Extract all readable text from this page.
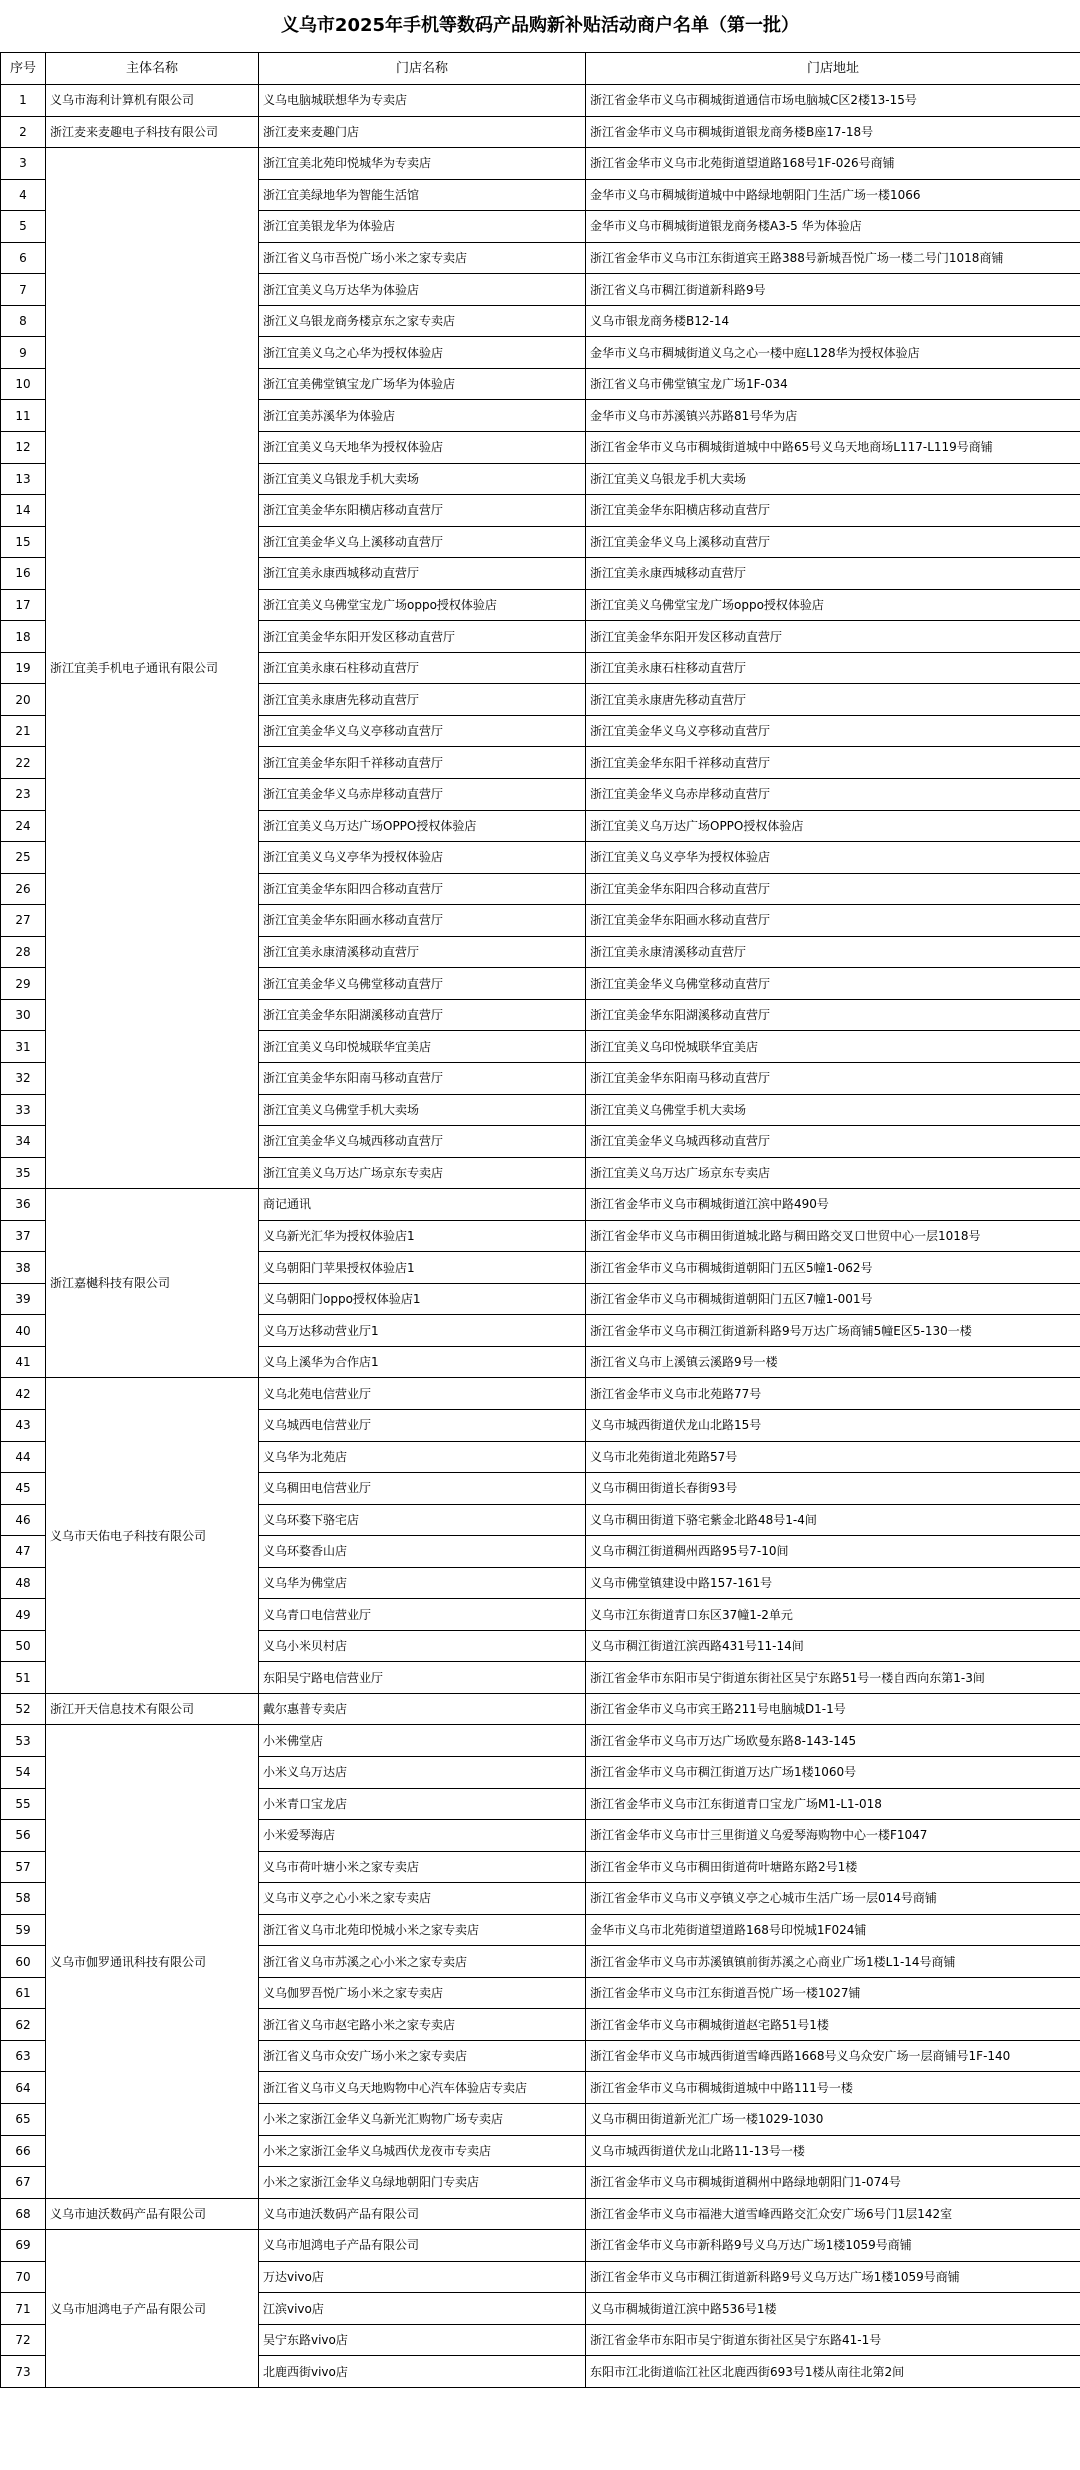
义乌市2025年手机等数码产品购新补贴活动商户名单（第一批）
序号	主体名称	门店名称	门店地址
1	义乌市海利计算机有限公司	义乌电脑城联想华为专卖店	浙江省金华市义乌市稠城街道通信市场电脑城C区2楼13-15号
2	浙江麦来麦趣电子科技有限公司	浙江麦来麦趣门店	浙江省金华市义乌市稠城街道银龙商务楼B座17-18号
3	浙江宜美手机电子通讯有限公司	浙江宜美北苑印悦城华为专卖店	浙江省金华市义乌市北苑街道望道路168号1F-026号商铺
4		浙江宜美绿地华为智能生活馆	金华市义乌市稠城街道城中中路绿地朝阳门生活广场一楼1066
5		浙江宜美银龙华为体验店	金华市义乌市稠城街道银龙商务楼A3-5 华为体验店
6		浙江省义乌市吾悦广场小米之家专卖店	浙江省金华市义乌市江东街道宾王路388号新城吾悦广场一楼二号门1018商铺
7		浙江宜美义乌万达华为体验店	浙江省义乌市稠江街道新科路9号
8		浙江义乌银龙商务楼京东之家专卖店	义乌市银龙商务楼B12-14
9		浙江宜美义乌之心华为授权体验店	金华市义乌市稠城街道义乌之心一楼中庭L128华为授权体验店
10		浙江宜美佛堂镇宝龙广场华为体验店	浙江省义乌市佛堂镇宝龙广场1F-034
11		浙江宜美苏溪华为体验店	金华市义乌市苏溪镇兴苏路81号华为店
12		浙江宜美义乌天地华为授权体验店	浙江省金华市义乌市稠城街道城中中路65号义乌天地商场L117-L119号商铺
13		浙江宜美义乌银龙手机大卖场	浙江宜美义乌银龙手机大卖场
14		浙江宜美金华东阳横店移动直营厅	浙江宜美金华东阳横店移动直营厅
15		浙江宜美金华义乌上溪移动直营厅	浙江宜美金华义乌上溪移动直营厅
16		浙江宜美永康西城移动直营厅	浙江宜美永康西城移动直营厅
17		浙江宜美义乌佛堂宝龙广场oppo授权体验店	浙江宜美义乌佛堂宝龙广场oppo授权体验店
18		浙江宜美金华东阳开发区移动直营厅	浙江宜美金华东阳开发区移动直营厅
19		浙江宜美永康石柱移动直营厅	浙江宜美永康石柱移动直营厅
20		浙江宜美永康唐先移动直营厅	浙江宜美永康唐先移动直营厅
21		浙江宜美金华义乌义亭移动直营厅	浙江宜美金华义乌义亭移动直营厅
22		浙江宜美金华东阳千祥移动直营厅	浙江宜美金华东阳千祥移动直营厅
23		浙江宜美金华义乌赤岸移动直营厅	浙江宜美金华义乌赤岸移动直营厅
24		浙江宜美义乌万达广场OPPO授权体验店	浙江宜美义乌万达广场OPPO授权体验店
25		浙江宜美义乌义亭华为授权体验店	浙江宜美义乌义亭华为授权体验店
26		浙江宜美金华东阳四合移动直营厅	浙江宜美金华东阳四合移动直营厅
27		浙江宜美金华东阳画水移动直营厅	浙江宜美金华东阳画水移动直营厅
28		浙江宜美永康清溪移动直营厅	浙江宜美永康清溪移动直营厅
29		浙江宜美金华义乌佛堂移动直营厅	浙江宜美金华义乌佛堂移动直营厅
30		浙江宜美金华东阳湖溪移动直营厅	浙江宜美金华东阳湖溪移动直营厅
31		浙江宜美义乌印悦城联华宜美店	浙江宜美义乌印悦城联华宜美店
32		浙江宜美金华东阳南马移动直营厅	浙江宜美金华东阳南马移动直营厅
33		浙江宜美义乌佛堂手机大卖场	浙江宜美义乌佛堂手机大卖场
34		浙江宜美金华义乌城西移动直营厅	浙江宜美金华义乌城西移动直营厅
35		浙江宜美义乌万达广场京东专卖店	浙江宜美义乌万达广场京东专卖店
36	浙江嘉樾科技有限公司	商记通讯	浙江省金华市义乌市稠城街道江滨中路490号
37		义乌新光汇华为授权体验店1	浙江省金华市义乌市稠田街道城北路与稠田路交叉口世贸中心一层1018号
38		义乌朝阳门苹果授权体验店1	浙江省金华市义乌市稠城街道朝阳门五区5幢1-062号
39		义乌朝阳门oppo授权体验店1	浙江省金华市义乌市稠城街道朝阳门五区7幢1-001号
40		义乌万达移动营业厅1	浙江省金华市义乌市稠江街道新科路9号万达广场商铺5幢E区5-130一楼
41		义乌上溪华为合作店1	浙江省义乌市上溪镇云溪路9号一楼
42	义乌市天佑电子科技有限公司	义乌北苑电信营业厅	浙江省金华市义乌市北苑路77号
43		义乌城西电信营业厅	义乌市城西街道伏龙山北路15号
44		义乌华为北苑店	义乌市北苑街道北苑路57号
45		义乌稠田电信营业厅	义乌市稠田街道长春街93号
46		义乌环婺下骆宅店	义乌市稠田街道下骆宅紫金北路48号1-4间
47		义乌环婺香山店	义乌市稠江街道稠州西路95号7-10间
48		义乌华为佛堂店	义乌市佛堂镇建设中路157-161号
49		义乌青口电信营业厅	义乌市江东街道青口东区37幢1-2单元
50		义乌小米贝村店	义乌市稠江街道江滨西路431号11-14间
51		东阳吴宁路电信营业厅	浙江省金华市东阳市吴宁街道东街社区吴宁东路51号一楼自西向东第1-3间
52	浙江开天信息技术有限公司	戴尔惠普专卖店	浙江省金华市义乌市宾王路211号电脑城D1-1号
53	义乌市伽罗通讯科技有限公司	小米佛堂店	浙江省金华市义乌市万达广场欧曼东路8-143-145
54		小米义乌万达店	浙江省金华市义乌市稠江街道万达广场1楼1060号
55		小米青口宝龙店	浙江省金华市义乌市江东街道青口宝龙广场M1-L1-018
56		小米爱琴海店	浙江省金华市义乌市廿三里街道义乌爱琴海购物中心一楼F1047
57		义乌市荷叶塘小米之家专卖店	浙江省金华市义乌市稠田街道荷叶塘路东路2号1楼
58		义乌市义亭之心小米之家专卖店	浙江省金华市义乌市义亭镇义亭之心城市生活广场一层014号商铺
59		浙江省义乌市北苑印悦城小米之家专卖店	金华市义乌市北苑街道望道路168号印悦城1F024铺
60		浙江省义乌市苏溪之心小米之家专卖店	浙江省金华市义乌市苏溪镇镇前街苏溪之心商业广场1楼L1-14号商铺
61		义乌伽罗吾悦广场小米之家专卖店	浙江省金华市义乌市江东街道吾悦广场一楼1027铺
62		浙江省义乌市赵宅路小米之家专卖店	浙江省金华市义乌市稠城街道赵宅路51号1楼
63		浙江省义乌市众安广场小米之家专卖店	浙江省金华市义乌市城西街道雪峰西路1668号义乌众安广场一层商铺号1F-140
64		浙江省义乌市义乌天地购物中心汽车体验店专卖店	浙江省金华市义乌市稠城街道城中中路111号一楼
65		小米之家浙江金华义乌新光汇购物广场专卖店	义乌市稠田街道新光汇广场一楼1029-1030
66		小米之家浙江金华义乌城西伏龙夜市专卖店	义乌市城西街道伏龙山北路11-13号一楼
67		小米之家浙江金华义乌绿地朝阳门专卖店	浙江省金华市义乌市稠城街道稠州中路绿地朝阳门1-074号
68	义乌市迪沃数码产品有限公司	义乌市迪沃数码产品有限公司	浙江省金华市义乌市福港大道雪峰西路交汇众安广场6号门1层142室
69	义乌市旭鸿电子产品有限公司	义乌市旭鸿电子产品有限公司	浙江省金华市义乌市新科路9号义乌万达广场1楼1059号商铺
70		万达vivo店	浙江省金华市义乌市稠江街道新科路9号义乌万达广场1楼1059号商铺
71		江滨vivo店	义乌市稠城街道江滨中路536号1楼
72		吴宁东路vivo店	浙江省金华市东阳市吴宁街道东街社区吴宁东路41-1号
73		北鹿西街vivo店	东阳市江北街道临江社区北鹿西街693号1楼从南往北第2间
